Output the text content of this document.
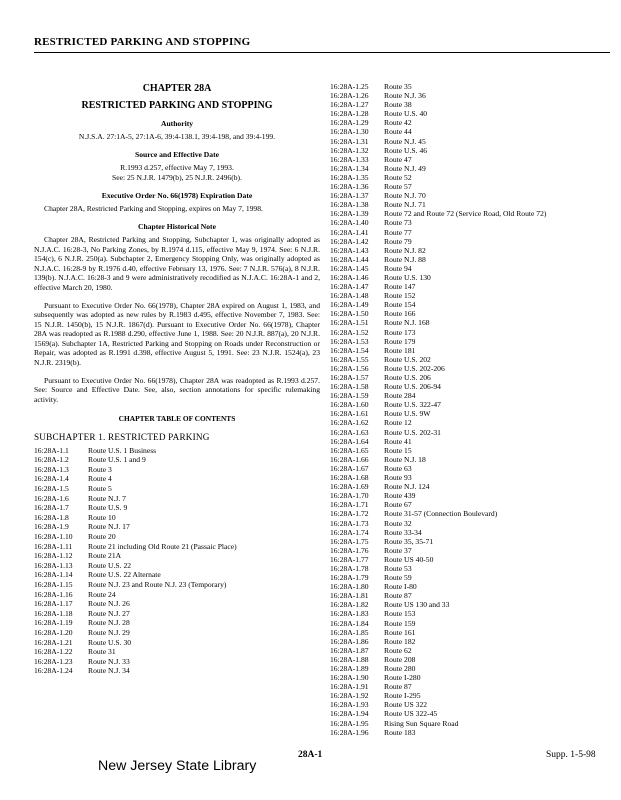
RESTRICTED PARKING AND STOPPING
CHAPTER 28A
RESTRICTED PARKING AND STOPPING
Authority
N.J.S.A. 27:1A-5, 27:1A-6, 39:4-138.1, 39:4-198, and 39:4-199.
Source and Effective Date
R.1993 d.257, effective May 7, 1993.
See: 25 N.J.R. 1479(b), 25 N.J.R. 2496(b).
Executive Order No. 66(1978) Expiration Date

Chapter 28A, Restricted Parking and Stopping, expires on May 7, 1998.

Chapter Historical Note

Chapter 28A, Restricted Parking and Stopping, Subchapter 1, was originally adopted as N.J.A.C. 16:28-3, No Parking Zones, by R.1974 d.115, effective May 9, 1974. See: 6 N.J.R. 154(c), 6 N.J.R. 250(a). Subchapter 2, Emergency Stopping Only, was originally adopted as N.J.A.C. 16:28-9 by R.1976 d.40, effective February 13, 1976. See: 7 N.J.R. 576(a), 8 N.J.R. 139(b). N.J.A.C. 16:28-3 and 9 were administratively recodified as N.J.A.C. 16:28A-1 and 2, effective March 20, 1980.

Pursuant to Executive Order No. 66(1978), Chapter 28A expired on August 1, 1983, and subsequently was adopted as new rules by R.1983 d.495, effective November 7, 1983. See: 15 N.J.R. 1450(b), 15 N.J.R. 1867(d). Pursuant to Executive Order No. 66(1978), Chapter 28A was readopted as R.1988 d.290, effective June 1, 1988. See: 20 N.J.R. 887(a), 20 N.J.R. 1569(a). Subchapter 1A, Restricted Parking and Stopping on Roads under Reconstruction or Repair, was adopted as R.1991 d.398, effective August 5, 1991. See: 23 N.J.R. 1524(a), 23 N.J.R. 2319(b).

Pursuant to Executive Order No. 66(1978), Chapter 28A was readopted as R.1993 d.257. See: Source and Effective Date. See, also, section annotations for specific rulemaking activity.

CHAPTER TABLE OF CONTENTS
SUBCHAPTER 1. RESTRICTED PARKING
16:28A-1.1	Route U.S. 1 Business
16:28A-1.2	Route U.S. 1 and 9
16:28A-1.3	Route 3
16:28A-1.4	Route 4
16:28A-1.5	Route 5
16:28A-1.6	Route N.J. 7
16:28A-1.7	Route U.S. 9
16:28A-1.8	Route 10
16:28A-1.9	Route N.J. 17
16:28A-1.10	Route 20
16:28A-1.11	Route 21 including Old Route 21 (Passaic Place)
16:28A-1.12	Route 21A
16:28A-1.13	Route U.S. 22
16:28A-1.14	Route U.S. 22 Alternate
16:28A-1.15	Route N.J. 23 and Route N.J. 23 (Temporary)
16:28A-1.16	Route 24
16:28A-1.17	Route N.J. 26
16:28A-1.18	Route N.J. 27
16:28A-1.19	Route N.J. 28
16:28A-1.20	Route N.J. 29
16:28A-1.21	Route U.S. 30
16:28A-1.22	Route 31
16:28A-1.23	Route N.J. 33
16:28A-1.24	Route N.J. 34
16:28A-1.25	Route 35
16:28A-1.26	Route N.J. 36
16:28A-1.27	Route 38
16:28A-1.28	Route U.S. 40
16:28A-1.29	Route 42
16:28A-1.30	Route 44
16:28A-1.31	Route N.J. 45
16:28A-1.32	Route U.S. 46
16:28A-1.33	Route 47
16:28A-1.34	Route N.J. 49
16:28A-1.35	Route 52
16:28A-1.36	Route 57
16:28A-1.37	Route N.J. 70
16:28A-1.38	Route N.J. 71
16:28A-1.39	Route 72 and Route 72 (Service Road, Old Route 72)
16:28A-1.40	Route 73
16:28A-1.41	Route 77
16:28A-1.42	Route 79
16:28A-1.43	Route N.J. 82
16:28A-1.44	Route N.J. 88
16:28A-1.45	Route 94
16:28A-1.46	Route U.S. 130
16:28A-1.47	Route 147
16:28A-1.48	Route 152
16:28A-1.49	Route 154
16:28A-1.50	Route 166
16:28A-1.51	Route N.J. 168
16:28A-1.52	Route 173
16:28A-1.53	Route 179
16:28A-1.54	Route 181
16:28A-1.55	Route U.S. 202
16:28A-1.56	Route U.S. 202-206
16:28A-1.57	Route U.S. 206
16:28A-1.58	Route U.S. 206-94
16:28A-1.59	Route 284
16:28A-1.60	Route U.S. 322-47
16:28A-1.61	Route U.S. 9W
16:28A-1.62	Route 12
16:28A-1.63	Route U.S. 202-31
16:28A-1.64	Route 41
16:28A-1.65	Route 15
16:28A-1.66	Route N.J. 18
16:28A-1.67	Route 63
16:28A-1.68	Route 93
16:28A-1.69	Route N.J. 124
16:28A-1.70	Route 439
16:28A-1.71	Route 67
16:28A-1.72	Route 31-57 (Connection Boulevard)
16:28A-1.73	Route 32
16:28A-1.74	Route 33-34
16:28A-1.75	Route 35, 35-71
16:28A-1.76	Route 37
16:28A-1.77	Route US 40-50
16:28A-1.78	Route 53
16:28A-1.79	Route 59
16:28A-1.80	Route I-80
16:28A-1.81	Route 87
16:28A-1.82	Route US 130 and 33
16:28A-1.83	Route 153
16:28A-1.84	Route 159
16:28A-1.85	Route 161
16:28A-1.86	Route 182
16:28A-1.87	Route 62
16:28A-1.88	Route 208
16:28A-1.89	Route 280
16:28A-1.90	Route I-280
16:28A-1.91	Route 87
16:28A-1.92	Route I-295
16:28A-1.93	Route US 322
16:28A-1.94	Route US 322-45
16:28A-1.95	Rising Sun Square Road
16:28A-1.96	Route 183
New Jersey State Library
28A-1	Supp. 1-5-98
